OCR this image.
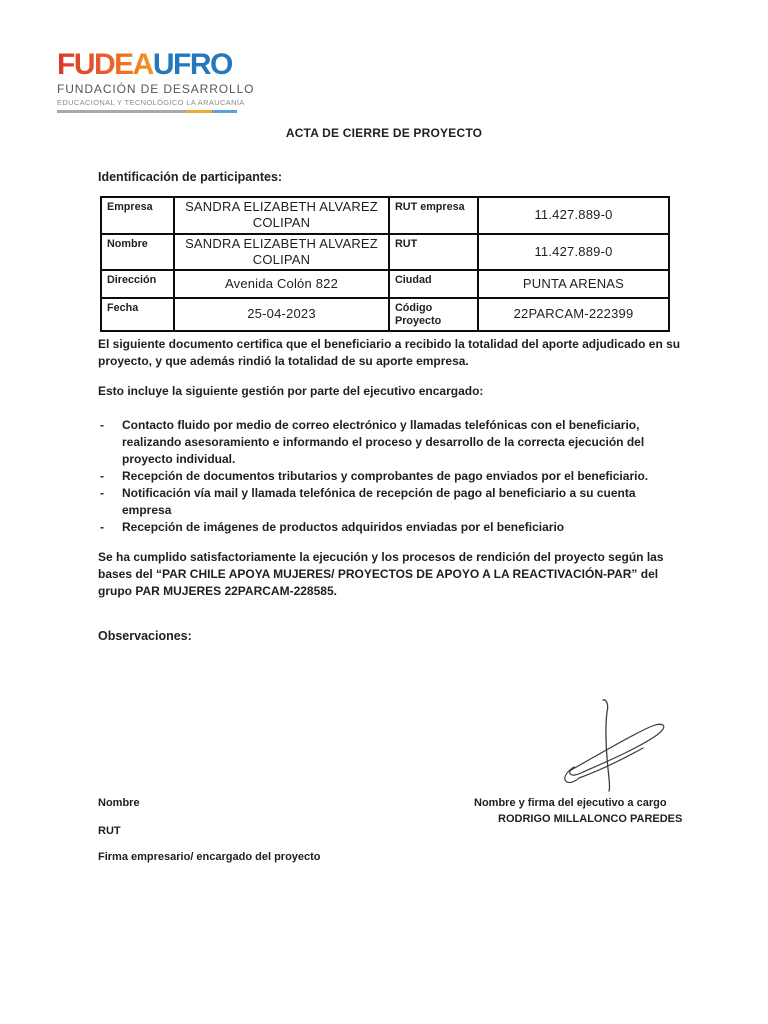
FUDEAUFRO
FUNDACIÓN DE DESARROLLO
EDUCACIONAL Y TECNOLÓGICO LA ARAUCANÍA
ACTA DE CIERRE DE PROYECTO
Identificación de participantes:
Empresa	SANDRA ELIZABETH ALVAREZ COLIPAN	RUT empresa	11.427.889-0
Nombre	SANDRA ELIZABETH ALVAREZ COLIPAN	RUT	11.427.889-0
Dirección	Avenida Colón 822	Ciudad	PUNTA ARENAS
Fecha	25-04-2023	Código Proyecto	22PARCAM-222399
El siguiente documento certifica que el beneficiario a recibido la totalidad del aporte adjudicado en su proyecto, y que además rindió la totalidad de su aporte empresa.
Esto incluye la siguiente gestión por parte del ejecutivo encargado:
-	Contacto fluido por medio de correo electrónico y llamadas telefónicas con el beneficiario, realizando asesoramiento e informando el proceso y desarrollo de la correcta ejecución del proyecto individual.
-	Recepción de documentos tributarios y comprobantes de pago enviados por el beneficiario.
-	Notificación vía mail y llamada telefónica de recepción de pago al beneficiario a su cuenta empresa
-	Recepción de imágenes de productos adquiridos enviadas por el beneficiario
Se ha cumplido satisfactoriamente la ejecución y los procesos de rendición del proyecto según las bases del “PAR CHILE APOYA MUJERES/ PROYECTOS DE APOYO A LA REACTIVACIÓN-PAR” del grupo PAR MUJERES 22PARCAM-228585.
Observaciones:
Nombre
RUT
Firma empresario/ encargado del proyecto
Nombre y firma del ejecutivo a cargo
RODRIGO MILLALONCO PAREDES
